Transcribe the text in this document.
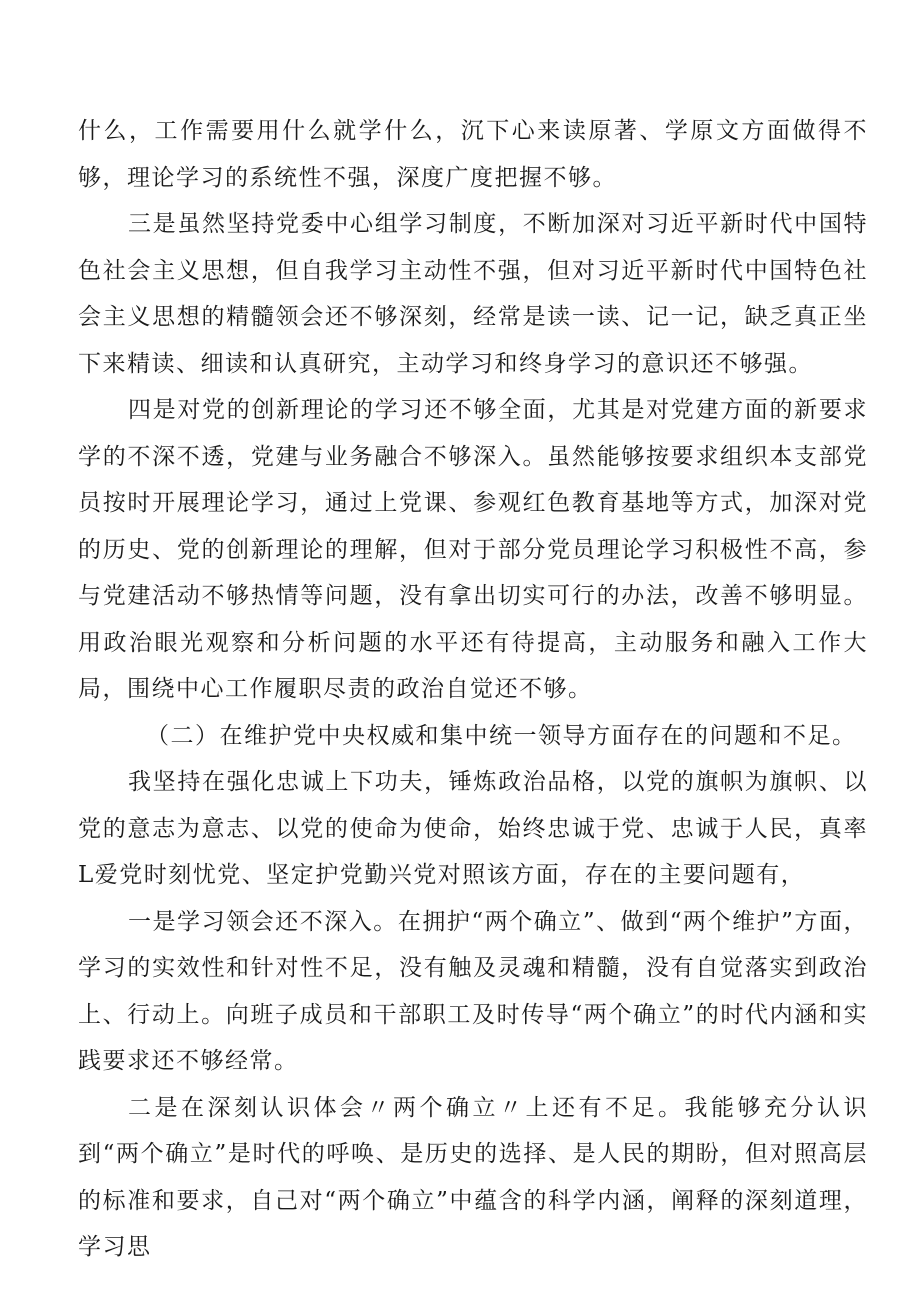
什么，工作需要用什么就学什么，沉下心来读原著、学原文方面做得不够，理论学习的系统性不强，深度广度把握不够。

三是虽然坚持党委中心组学习制度，不断加深对习近平新时代中国特色社会主义思想，但自我学习主动性不强，但对习近平新时代中国特色社会主义思想的精髓领会还不够深刻，经常是读一读、记一记，缺乏真正坐下来精读、细读和认真研究，主动学习和终身学习的意识还不够强。

四是对党的创新理论的学习还不够全面，尤其是对党建方面的新要求学的不深不透，党建与业务融合不够深入。虽然能够按要求组织本支部党员按时开展理论学习，通过上党课、参观红色教育基地等方式，加深对党的历史、党的创新理论的理解，但对于部分党员理论学习积极性不高，参与党建活动不够热情等问题，没有拿出切实可行的办法，改善不够明显。用政治眼光观察和分析问题的水平还有待提高，主动服务和融入工作大局，围绕中心工作履职尽责的政治自觉还不够。

（二）在维护党中央权威和集中统一领导方面存在的问题和不足。

我坚持在强化忠诚上下功夫，锤炼政治品格，以党的旗帜为旗帜、以党的意志为意志、以党的使命为使命，始终忠诚于党、忠诚于人民，真率L爱党时刻忧党、坚定护党勤兴党对照该方面，存在的主要问题有，

一是学习领会还不深入。在拥护“两个确立”、做到“两个维护”方面，学习的实效性和针对性不足，没有触及灵魂和精髓，没有自觉落实到政治上、行动上。向班子成员和干部职工及时传导“两个确立”的时代内涵和实践要求还不够经常。

二是在深刻认识体会〃两个确立〃上还有不足。我能够充分认识到“两个确立”是时代的呼唤、是历史的选择、是人民的期盼，但对照高层的标准和要求，自己对“两个确立”中蕴含的科学内涵，阐释的深刻道理，学习思
